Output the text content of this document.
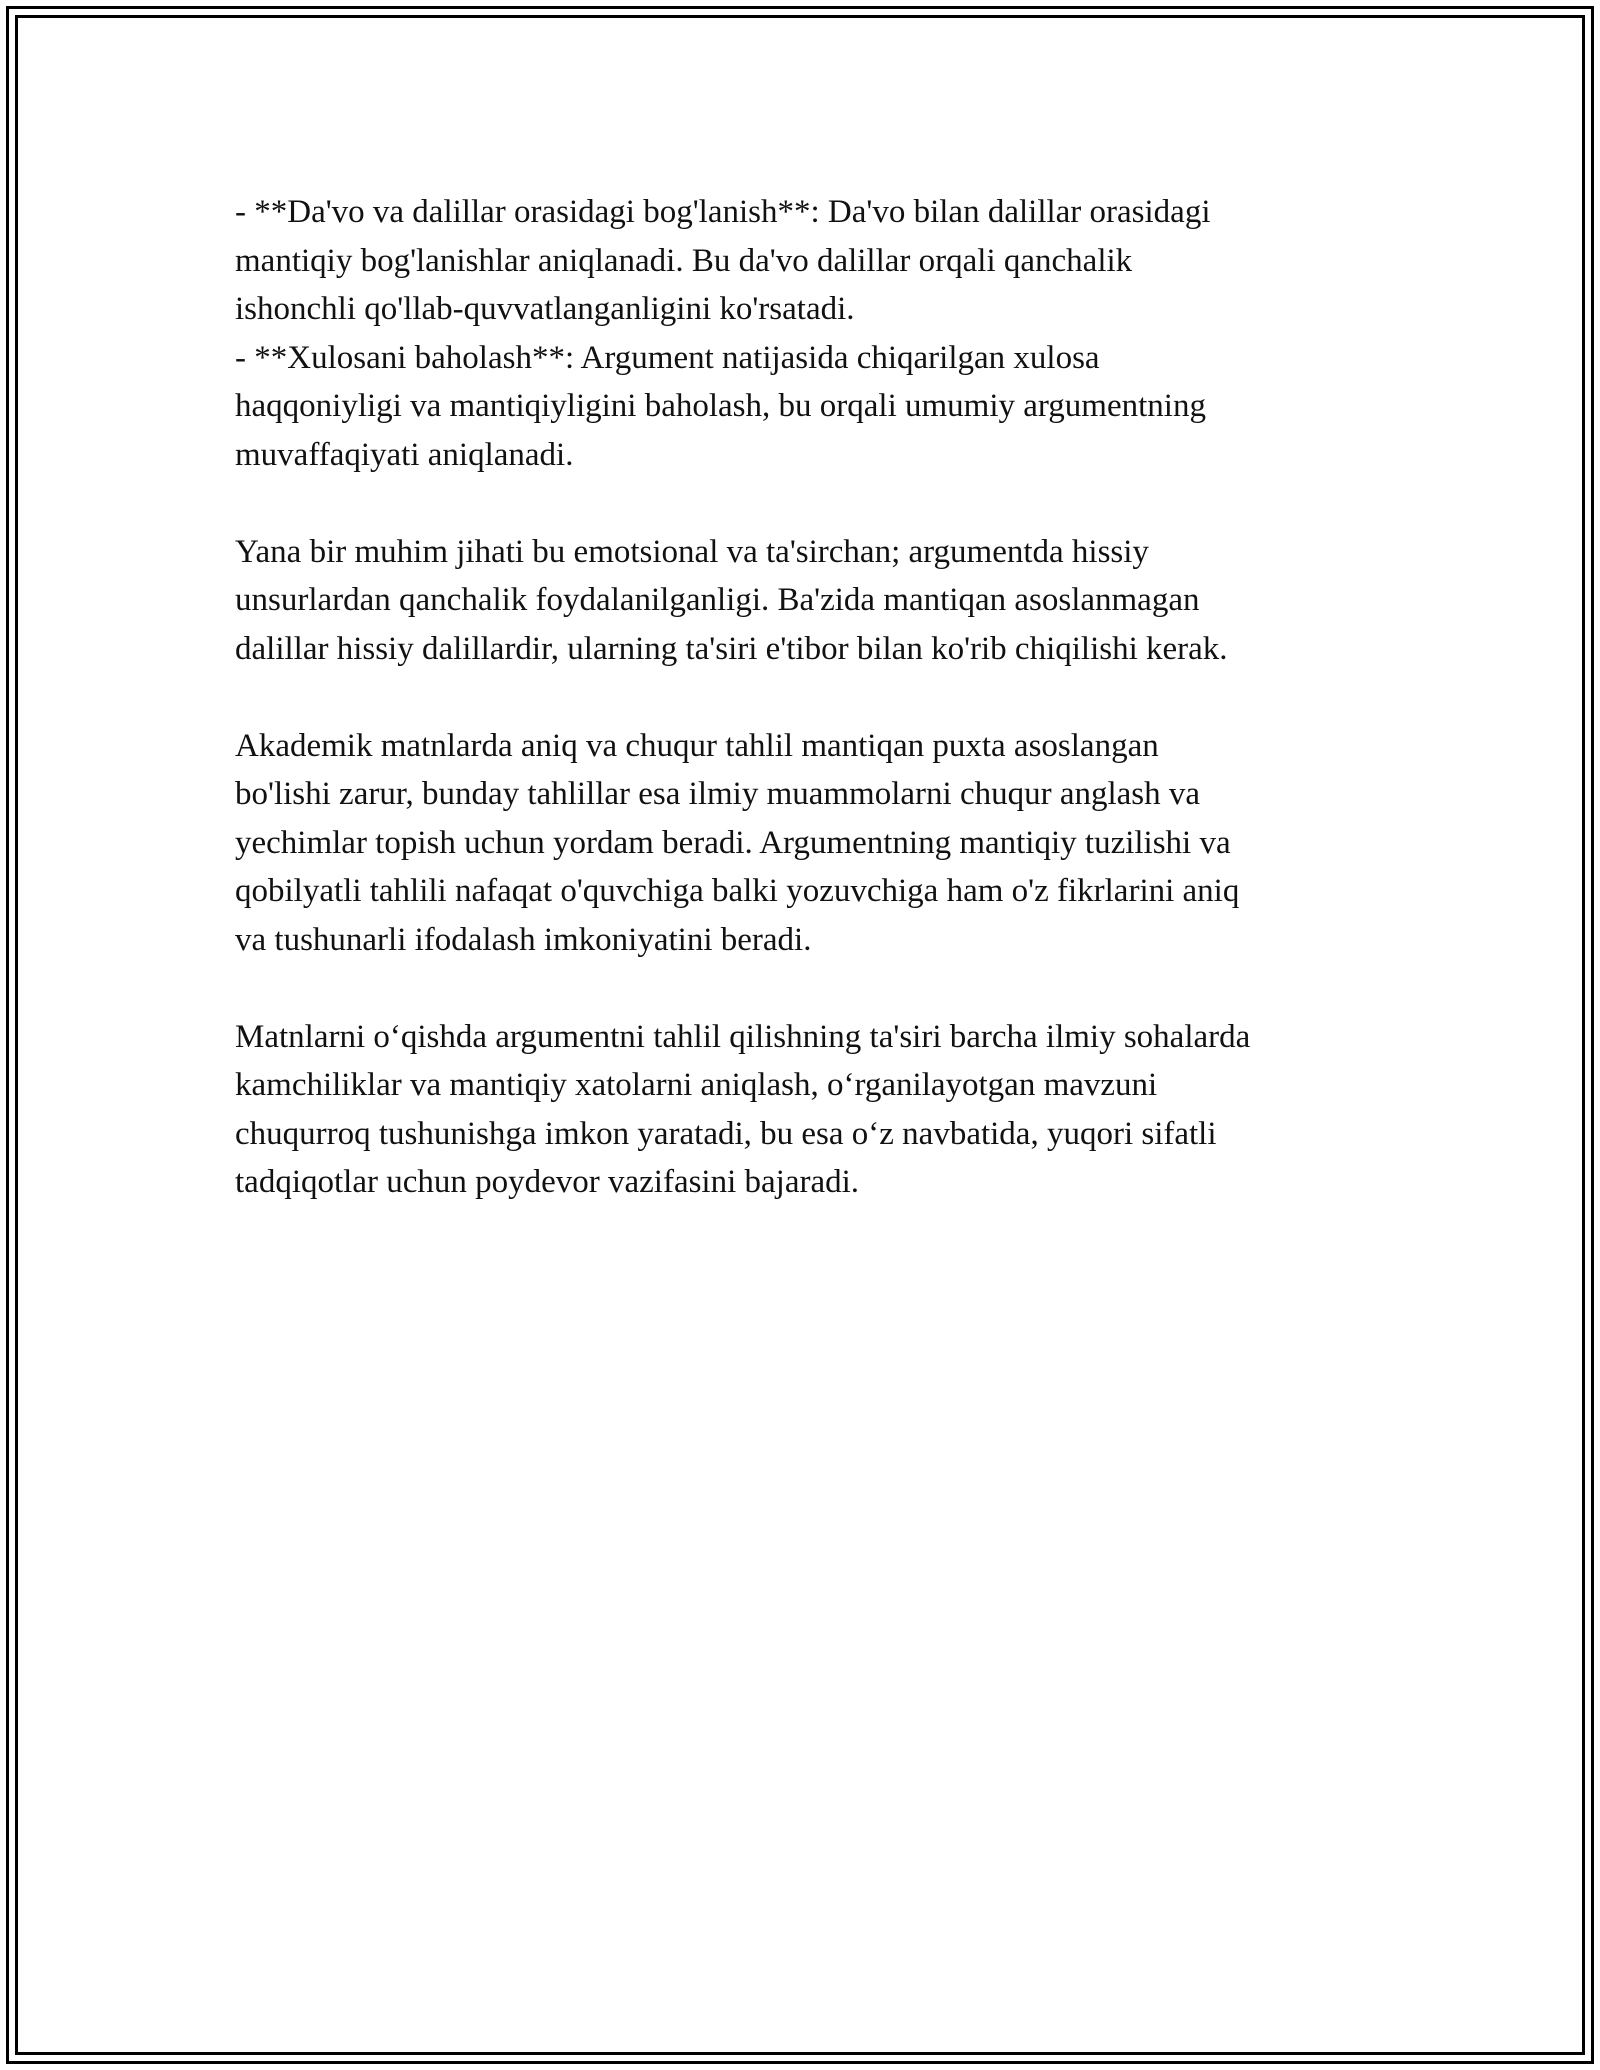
- **Da'vo va dalillar orasidagi bog'lanish**: Da'vo bilan dalillar orasidagi
mantiqiy bog'lanishlar aniqlanadi. Bu da'vo dalillar orqali qanchalik
ishonchli qo'llab-quvvatlanganligini ko'rsatadi.
- **Xulosani baholash**: Argument natijasida chiqarilgan xulosa
haqqoniyligi va mantiqiyligini baholash, bu orqali umumiy argumentning
muvaffaqiyati aniqlanadi.
Yana bir muhim jihati bu emotsional va ta'sirchan; argumentda hissiy
unsurlardan qanchalik foydalanilganligi. Ba'zida mantiqan asoslanmagan
dalillar hissiy dalillardir, ularning ta'siri e'tibor bilan ko'rib chiqilishi kerak.
Akademik matnlarda aniq va chuqur tahlil mantiqan puxta asoslangan
bo'lishi zarur, bunday tahlillar esa ilmiy muammolarni chuqur anglash va
yechimlar topish uchun yordam beradi. Argumentning mantiqiy tuzilishi va
qobilyatli tahlili nafaqat o'quvchiga balki yozuvchiga ham o'z fikrlarini aniq
va tushunarli ifodalash imkoniyatini beradi.
Matnlarni o‘qishda argumentni tahlil qilishning ta'siri barcha ilmiy sohalarda
kamchiliklar va mantiqiy xatolarni aniqlash, o‘rganilayotgan mavzuni
chuqurroq tushunishga imkon yaratadi, bu esa o‘z navbatida, yuqori sifatli
tadqiqotlar uchun poydevor vazifasini bajaradi.
